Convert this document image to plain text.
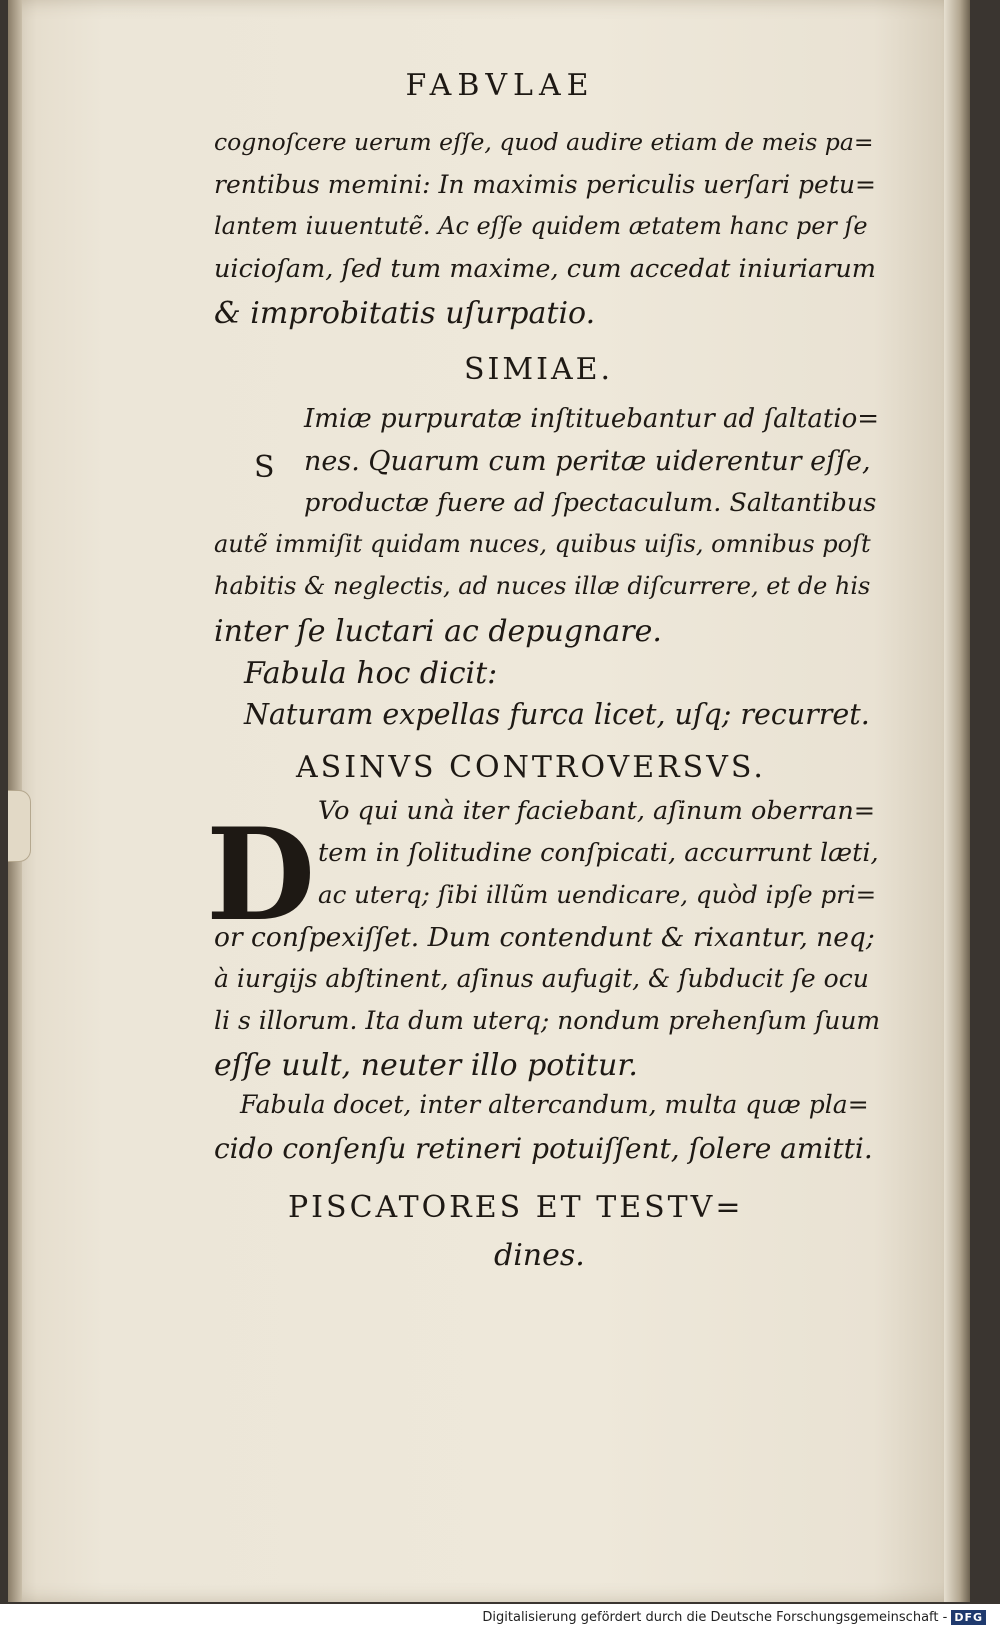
FABVLAE
cognoſcere uerum eſſe, quod audire etiam de meis pa=
rentibus memini: In maximis periculis uerſari petu=
lantem iuuentutẽ. Ac eſſe quidem ætatem hanc per ſe
uicioſam, ſed tum maxime, cum accedat iniuriarum
& improbitatis uſurpatio.
SIMIAE.
S
Imiæ purpuratæ inſtituebantur ad ſaltatio=
nes. Quarum cum peritæ uiderentur eſſe,
productæ fuere ad ſpectaculum. Saltantibus
autẽ immiſit quidam nuces, quibus uiſis, omnibus poſt
habitis & neglectis, ad nuces illæ diſcurrere, et de his
inter ſe luctari ac depugnare.
Fabula hoc dicit:
Naturam expellas furca licet, uſq; recurret.
ASINVS CONTROVERSVS.
D Vo qui unà iter faciebant, aſinum oberran=
tem in ſolitudine conſpicati, accurrunt læti,
ac uterq; ſibi illũm uendicare, quòd ipſe pri=
or conſpexiſſet. Dum contendunt & rixantur, neq;
à iurgijs abſtinent, aſinus aufugit, & ſubducit ſe ocu
li s illorum. Ita dum uterq; nondum prehenſum ſuum
eſſe uult, neuter illo potitur.
Fabula docet, inter altercandum, multa quæ pla=
cido conſenſu retineri potuiſſent, ſolere amitti.
PISCATORES ET TESTV=
dines.
Digitalisierung gefördert durch die Deutsche Forschungsgemeinschaft - DFG
